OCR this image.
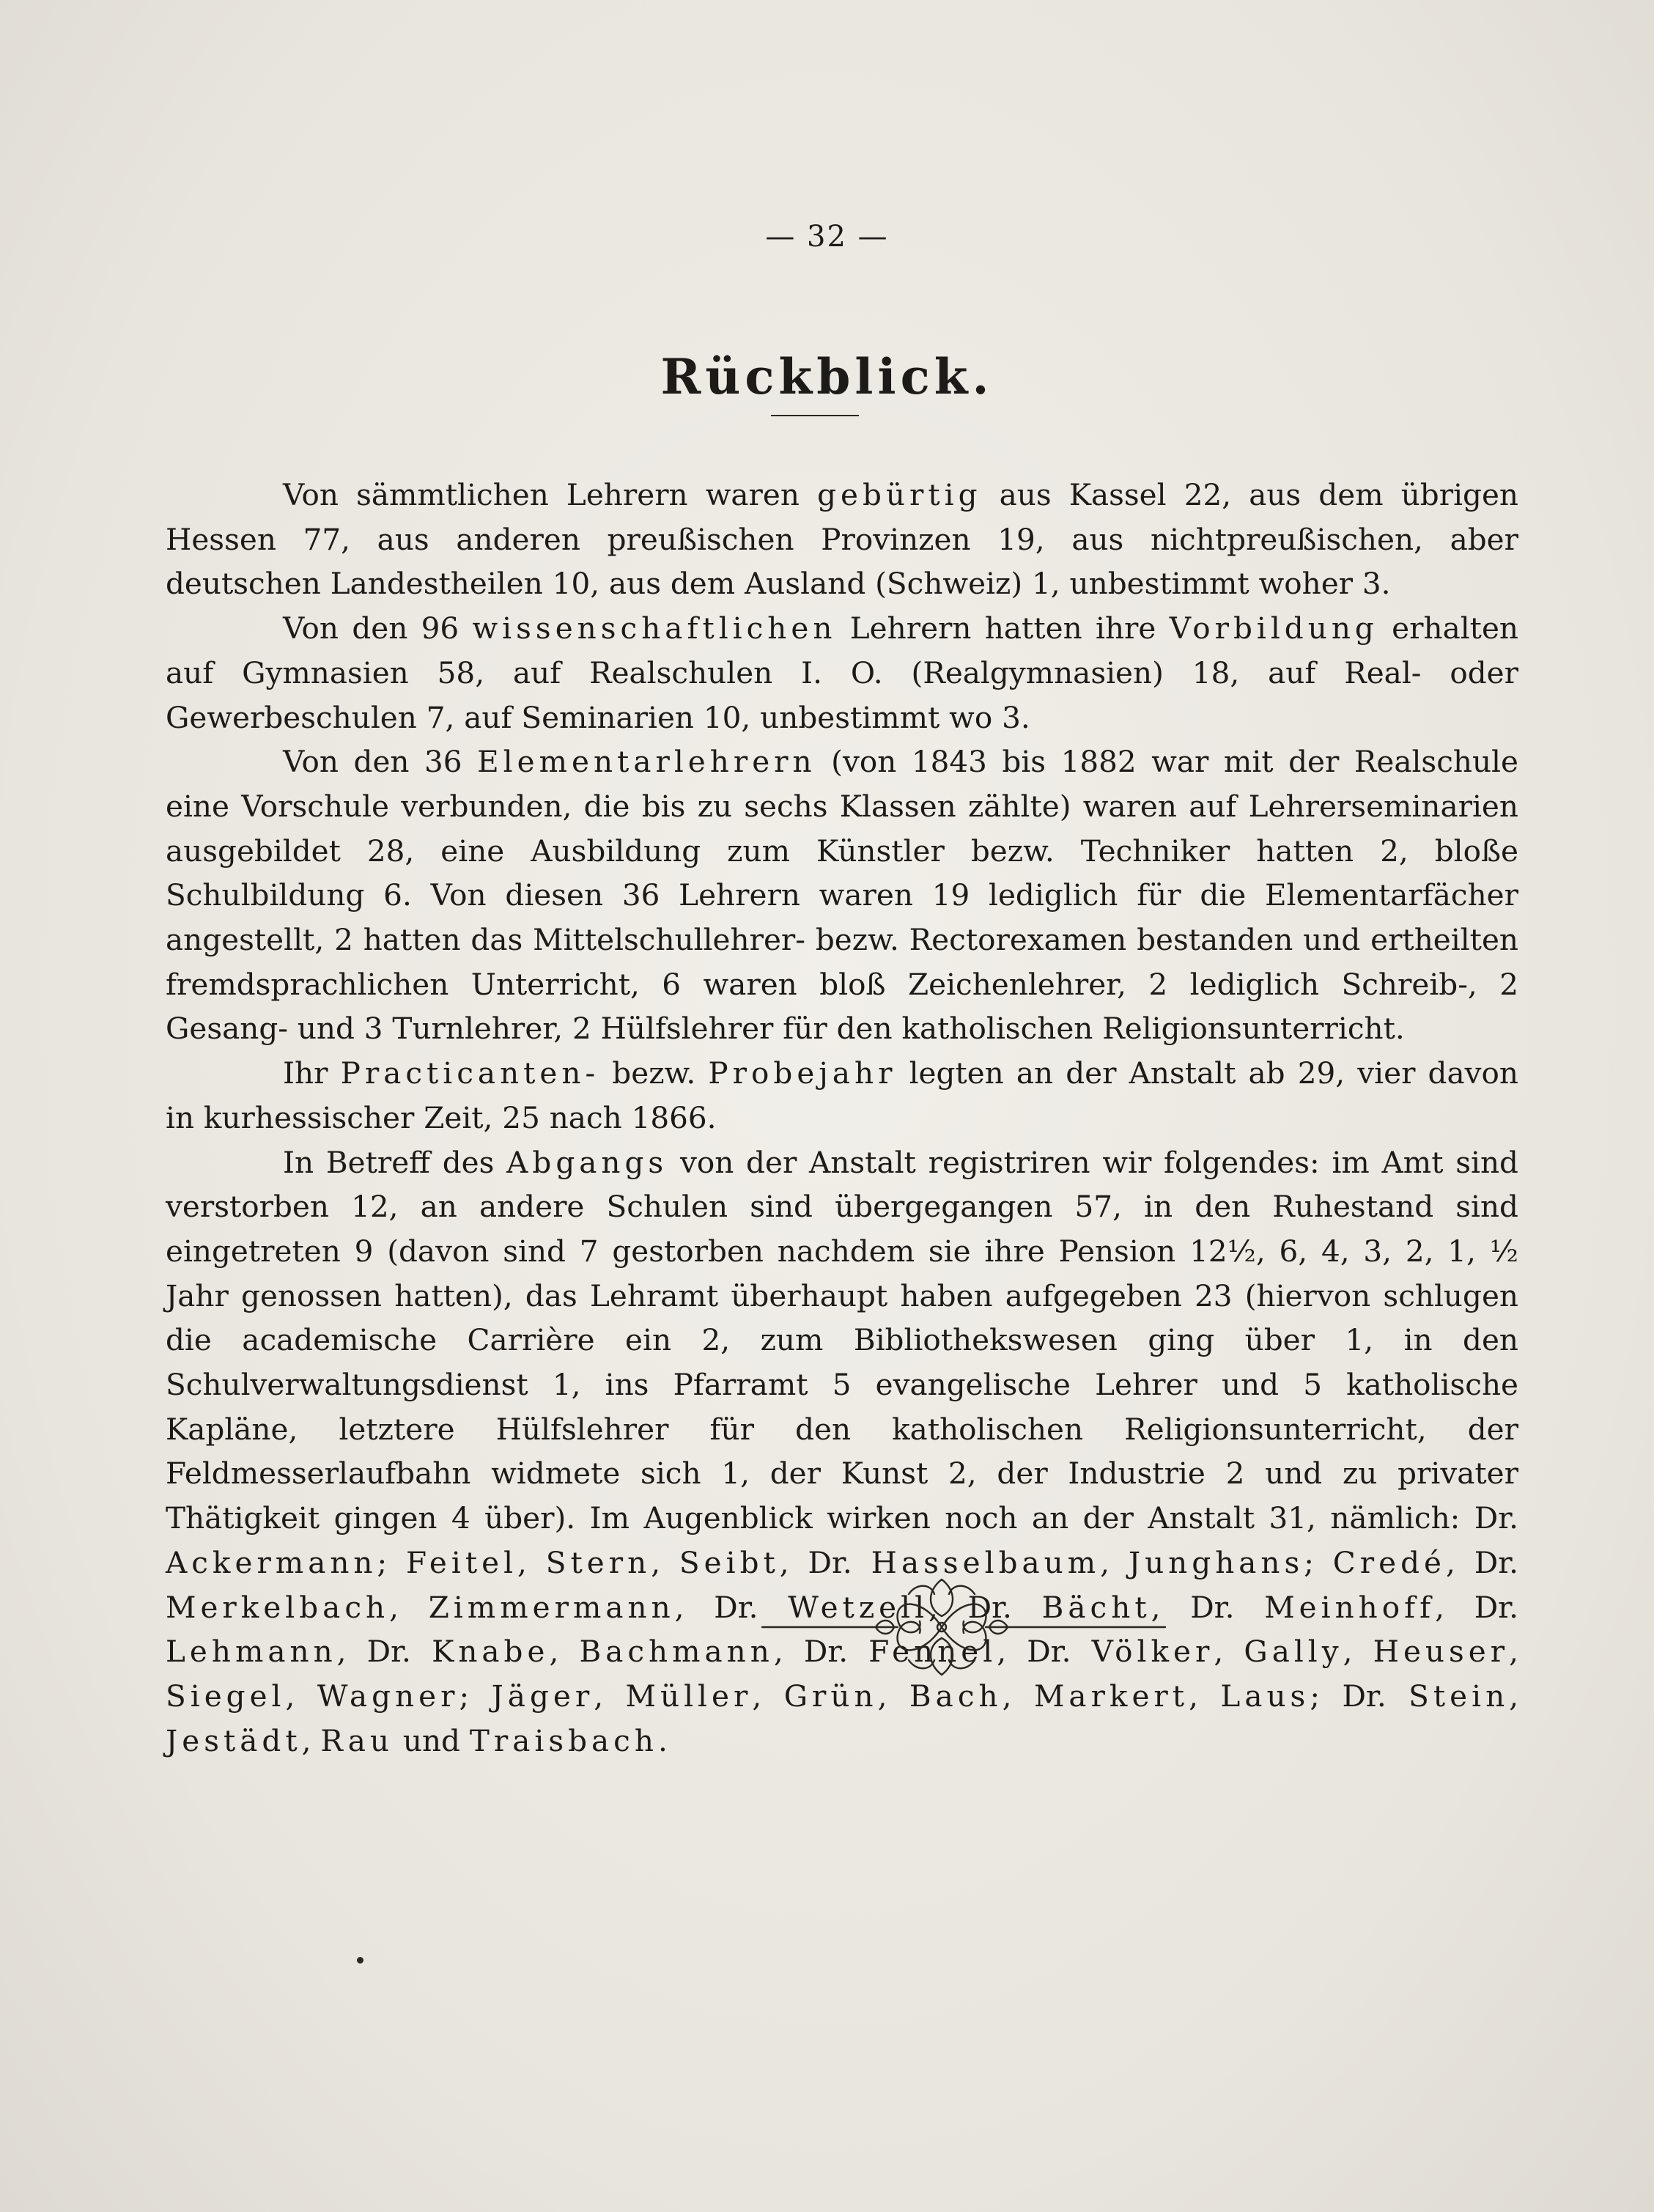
— 32 —
Rückblick.

Von sämmtlichen Lehrern waren gebürtig aus Kassel 22, aus dem übrigen Hessen 77, aus anderen preußischen Provinzen 19, aus nichtpreußischen, aber deutschen Landestheilen 10, aus dem Ausland (Schweiz) 1, unbestimmt woher 3.

Von den 96 wissenschaftlichen Lehrern hatten ihre Vorbildung erhalten auf Gymnasien 58, auf Realschulen I. O. (Realgymnasien) 18, auf Real- oder Gewerbeschulen 7, auf Seminarien 10, unbestimmt wo 3.

Von den 36 Elementarlehrern (von 1843 bis 1882 war mit der Realschule eine Vorschule verbunden, die bis zu sechs Klassen zählte) waren auf Lehrerseminarien ausgebildet 28, eine Ausbildung zum Künstler bezw. Techniker hatten 2, bloße Schulbildung 6. Von diesen 36 Lehrern waren 19 lediglich für die Elementarfächer angestellt, 2 hatten das Mittelschullehrer- bezw. Rectorexamen bestanden und ertheilten fremdsprachlichen Unterricht, 6 waren bloß Zeichenlehrer, 2 lediglich Schreib-, 2 Gesang- und 3 Turnlehrer, 2 Hülfslehrer für den katholischen Religionsunterricht.

Ihr Practicanten- bezw. Probejahr legten an der Anstalt ab 29, vier davon in kurhessischer Zeit, 25 nach 1866.

In Betreff des Abgangs von der Anstalt registriren wir folgendes: im Amt sind verstorben 12, an andere Schulen sind übergegangen 57, in den Ruhestand sind eingetreten 9 (davon sind 7 gestorben nachdem sie ihre Pension 12½, 6, 4, 3, 2, 1, ½ Jahr genossen hatten), das Lehramt überhaupt haben aufgegeben 23 (hiervon schlugen die academische Carrière ein 2, zum Bibliothekswesen ging über 1, in den Schulverwaltungsdienst 1, ins Pfarramt 5 evangelische Lehrer und 5 katholische Kapläne, letztere Hülfslehrer für den katholischen Religionsunterricht, der Feldmesserlaufbahn widmete sich 1, der Kunst 2, der Industrie 2 und zu privater Thätigkeit gingen 4 über). Im Augenblick wirken noch an der Anstalt 31, nämlich: Dr. Ackermann; Feitel, Stern, Seibt, Dr. Hasselbaum, Junghans; Credé, Dr. Merkelbach, Zimmermann, Dr. Wetzell, Dr. Bächt, Dr. Meinhoff, Dr. Lehmann, Dr. Knabe, Bachmann, Dr. Fennel, Dr. Völker, Gally, Heuser, Siegel, Wagner; Jäger, Müller, Grün, Bach, Markert, Laus; Dr. Stein, Jestädt, Rau und Traisbach.
